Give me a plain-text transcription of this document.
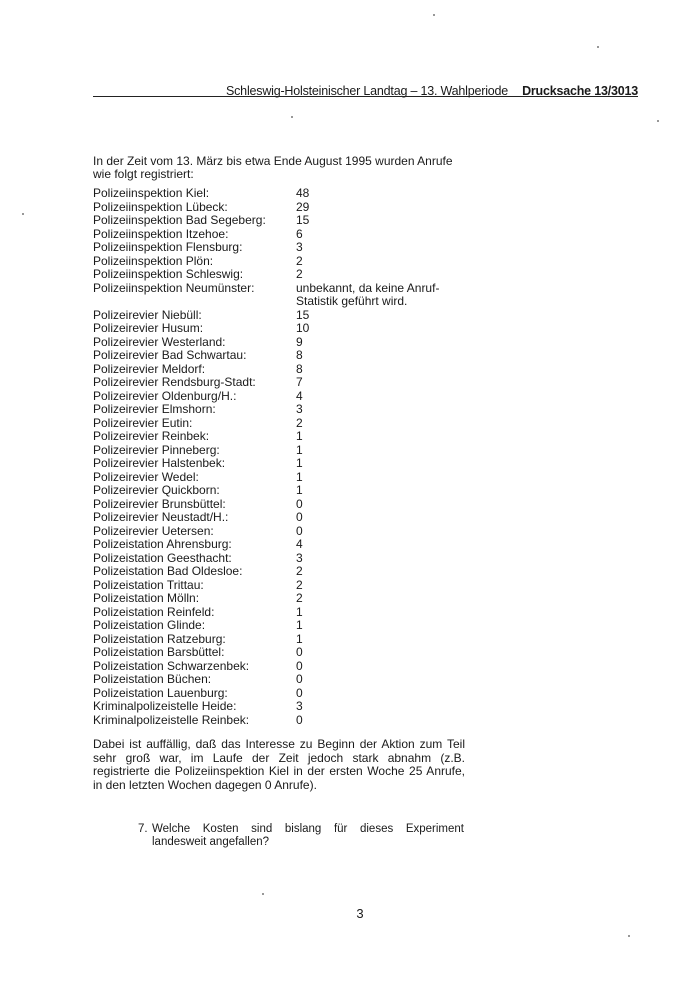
Schleswig-Holsteinischer Landtag – 13. Wahlperiode Drucksache 13/3013

In der Zeit vom 13. März bis etwa Ende August 1995 wurden Anrufe wie folgt registriert:

Polizeiinspektion Kiel:	48
Polizeiinspektion Lübeck:	29
Polizeiinspektion Bad Segeberg:	15
Polizeiinspektion Itzehoe:	6
Polizeiinspektion Flensburg:	3
Polizeiinspektion Plön:	2
Polizeiinspektion Schleswig:	2
Polizeiinspektion Neumünster:	unbekannt, da keine Anruf-Statistik geführt wird.
Polizeirevier Niebüll:	15
Polizeirevier Husum:	10
Polizeirevier Westerland:	9
Polizeirevier Bad Schwartau:	8
Polizeirevier Meldorf:	8
Polizeirevier Rendsburg-Stadt:	7
Polizeirevier Oldenburg/H.:	4
Polizeirevier Elmshorn:	3
Polizeirevier Eutin:	2
Polizeirevier Reinbek:	1
Polizeirevier Pinneberg:	1
Polizeirevier Halstenbek:	1
Polizeirevier Wedel:	1
Polizeirevier Quickborn:	1
Polizeirevier Brunsbüttel:	0
Polizeirevier Neustadt/H.:	0
Polizeirevier Uetersen:	0
Polizeistation Ahrensburg:	4
Polizeistation Geesthacht:	3
Polizeistation Bad Oldesloe:	2
Polizeistation Trittau:	2
Polizeistation Mölln:	2
Polizeistation Reinfeld:	1
Polizeistation Glinde:	1
Polizeistation Ratzeburg:	1
Polizeistation Barsbüttel:	0
Polizeistation Schwarzenbek:	0
Polizeistation Büchen:	0
Polizeistation Lauenburg:	0
Kriminalpolizeistelle Heide:	3
Kriminalpolizeistelle Reinbek:	0

Dabei ist auffällig, daß das Interesse zu Beginn der Aktion zum Teil sehr groß war, im Laufe der Zeit jedoch stark abnahm (z.B. registrierte die Polizeiinspektion Kiel in der ersten Woche 25 Anrufe, in den letzten Wochen dagegen 0 Anrufe).

7. Welche Kosten sind bislang für dieses Experiment landesweit angefallen?
3
